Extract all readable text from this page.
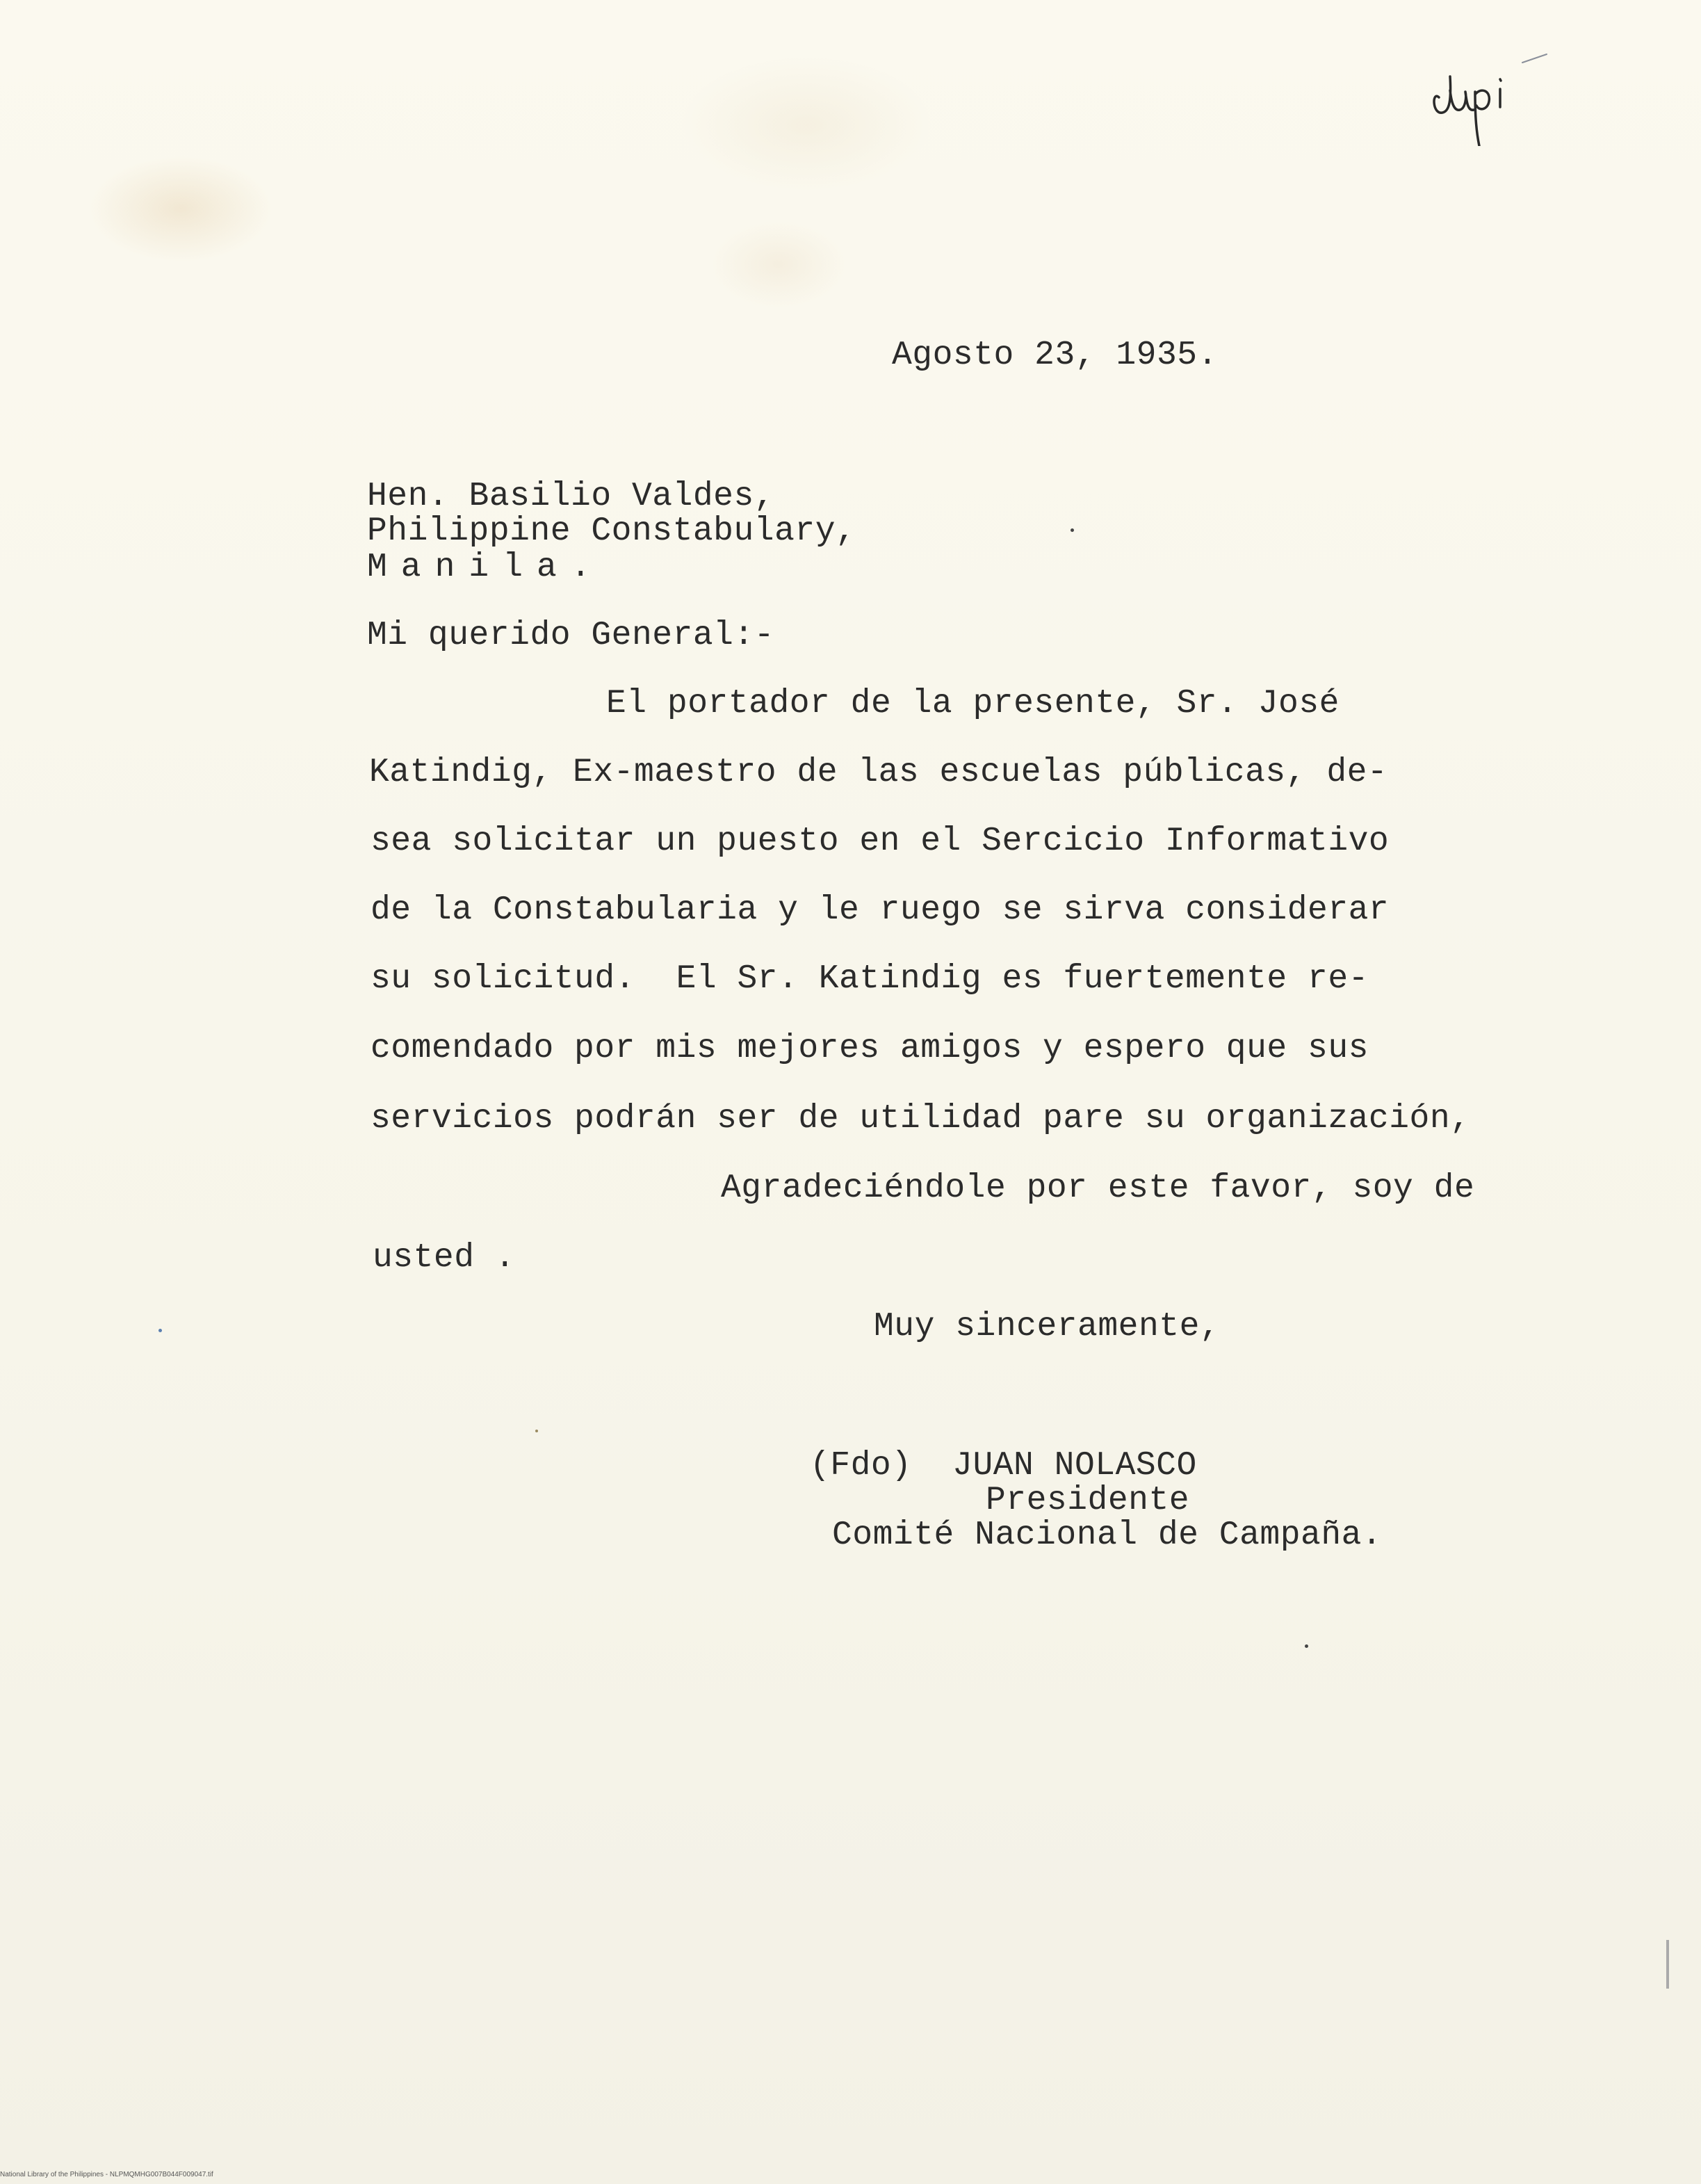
Agosto 23, 1935.

Hen. Basilio Valdes,

Philippine Constabulary,

Manila.

Mi querido General:-

El portador de la presente, Sr. José

Katindig, Ex-maestro de las escuelas públicas, de-

sea solicitar un puesto en el Sercicio Informativo

de la Constabularia y le ruego se sirva considerar

su solicitud.  El Sr. Katindig es fuertemente re-

comendado por mis mejores amigos y espero que sus

servicios podrán ser de utilidad pare su organización,

Agradeciéndole por este favor, soy de

usted .

Muy sinceramente,

(Fdo)  JUAN NOLASCO

Presidente

Comité Nacional de Campaña.

National Library of the Philippines - NLPMQMHG007B044F009047.tif
